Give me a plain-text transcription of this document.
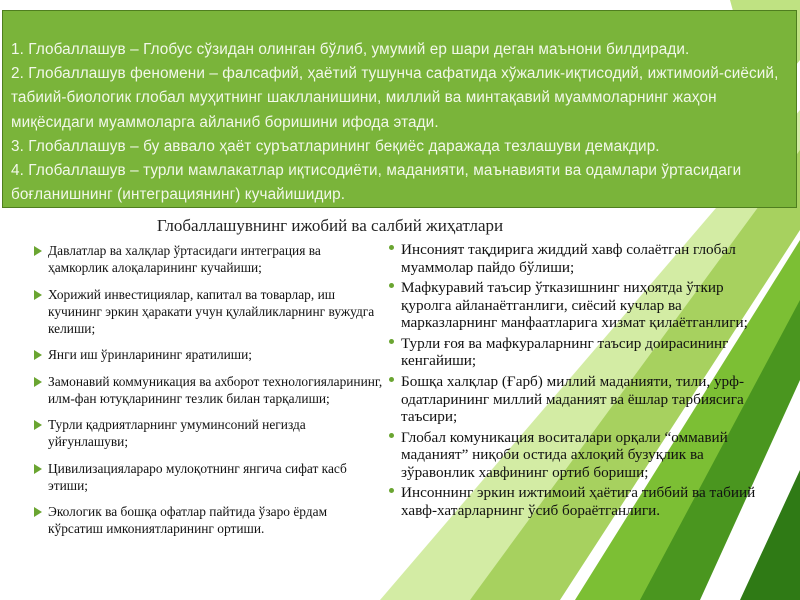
1. Глобаллашув – Глобус сўзидан олинган бўлиб, умумий ер шари деган маънони билдиради.

2. Глобаллашув феномени – фалсафий, ҳаётий тушунча сафатида хўжалик-иқтисодий, ижтимоий-сиёсий, табиий-биологик глобал муҳитнинг шаклланишини, миллий ва минтақавий муаммоларнинг жаҳон миқёсидаги муаммоларга айланиб боришини ифода этади.

3. Глобаллашув – бу аввало ҳаёт суръатларининг беқиёс даражада тезлашуви демакдир.

4. Глобаллашув – турли мамлакатлар иқтисодиёти, маданияти, маънавияти ва одамлари ўртасидаги боғланишнинг (интеграциянинг) кучайишидир.

Глобаллашувнинг ижобий ва салбий жиҳатлари
Давлатлар ва халқлар ўртасидаги интеграция ва ҳамкорлик алоқаларининг кучайиши;
Хорижий инвестициялар, капитал ва товарлар, иш кучининг эркин ҳаракати учун қулайликларнинг вужудга келиши;
Янги иш ўринларининг яратилиши;
Замонавий коммуникация ва ахборот технологияларининг, илм-фан ютуқларининг тезлик билан тарқалиши;
Турли қадриятларнинг умуминсоний негизда уйғунлашуви;
Цивилизациялараро мулоқотнинг янгича сифат касб этиши;
Экологик ва бошқа офатлар пайтида ўзаро ёрдам кўрсатиш имкониятларининг ортиши.
Инсоният тақдирига жиддий хавф солаётган глобал муаммолар пайдо бўлиши;
Мафкуравий таъсир ўтказишнинг ниҳоятда ўткир қуролга айланаётганлиги, сиёсий кучлар ва марказларнинг манфаатларига хизмат қилаётганлиги;
Турли ғоя ва мафкураларнинг таъсир доирасининг кенгайиши;
Бошқа халқлар (Ғарб) миллий маданияти, тили, урф-одатларининг миллий маданият ва ёшлар тарбиясига таъсири;
Глобал комуникация воситалари орқали “оммавий маданият” ниқоби остида ахлоқий бузуқлик ва зўравонлик хавфининг ортиб бориши;
Инсоннинг эркин ижтимоий ҳаётига тиббий ва табиий хавф-хатарларнинг ўсиб бораётганлиги.
